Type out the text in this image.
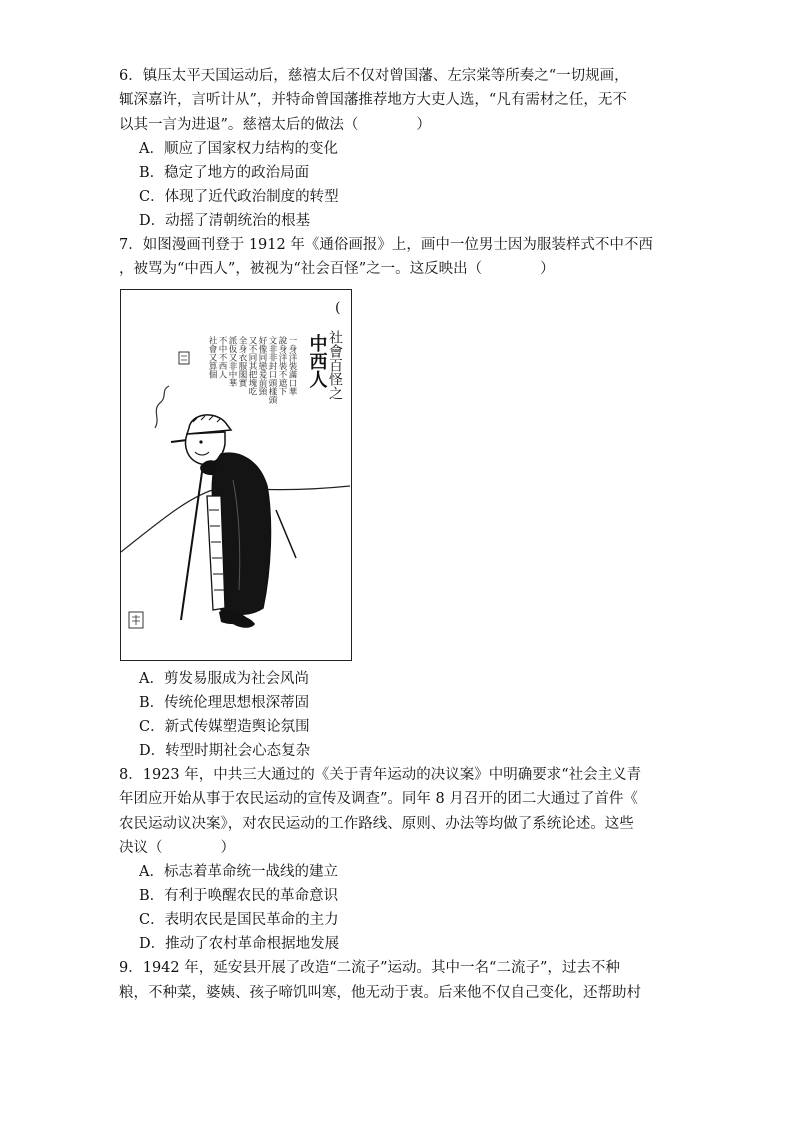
6．镇压太平天国运动后，慈禧太后不仅对曾国藩、左宗棠等所奏之“一切规画，
辄深嘉许，言听计从”，并特命曾国藩推荐地方大吏人选，“凡有需材之任，无不
以其一言为进退”。慈禧太后的做法（　　　　）
A．顺应了国家权力结构的变化
B．稳定了地方的政治局面
C．体现了近代政治制度的转型
D．动摇了清朝统治的根基
7．如图漫画刊登于 1912 年《通俗画报》上，画中一位男士因为服装样式不中不西
，被骂为“中西人”，被视为“社会百怪”之一。这反映出（　　　　）
(
社會百怪之
中西人
一身洋裝滿口華
說身洋裝不遮下
文非非封口頭樣頭
好像同戀爰前頸
又不同其把塊吃
全身衣服閣實
派仮又非中華
不中不西人
社會又算個
A．剪发易服成为社会风尚
B．传统伦理思想根深蒂固
C．新式传媒塑造舆论氛围
D．转型时期社会心态复杂
8．1923 年，中共三大通过的《关于青年运动的决议案》中明确要求“社会主义青
年团应开始从事于农民运动的宣传及调查”。同年 8 月召开的团二大通过了首件《
农民运动议决案》，对农民运动的工作路线、原则、办法等均做了系统论述。这些
决议（　　　　）
A．标志着革命统一战线的建立
B．有利于唤醒农民的革命意识
C．表明农民是国民革命的主力
D．推动了农村革命根据地发展
9．1942 年，延安县开展了改造“二流子”运动。其中一名“二流子”，过去不种
粮，不种菜，婆姨、孩子啼饥叫寒，他无动于衷。后来他不仅自己变化，还帮助村
